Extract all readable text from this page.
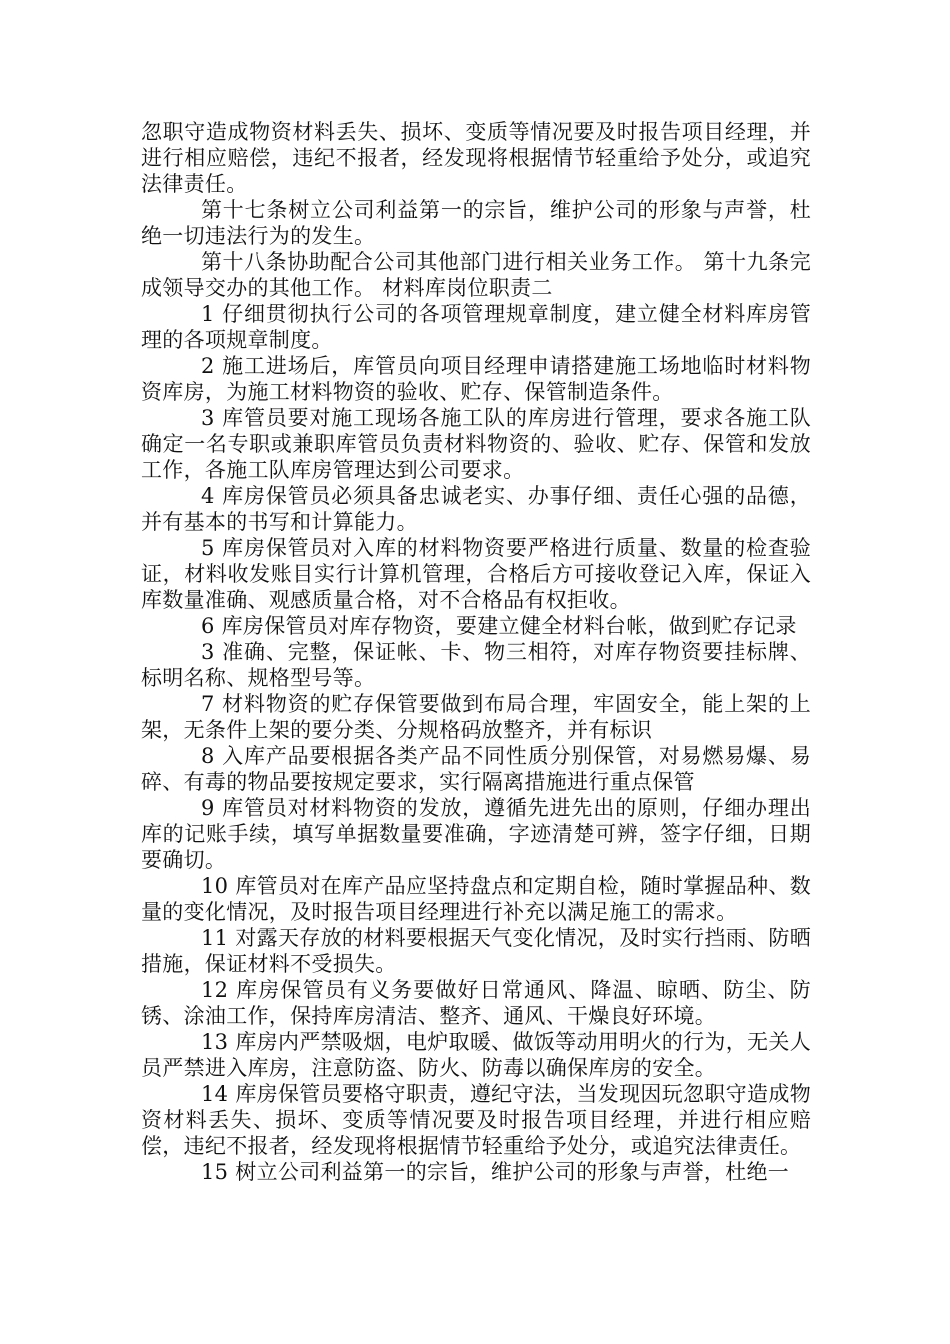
忽职守造成物资材料丢失、损坏、变质等情况要及时报告项目经理，并进行相应赔偿，违纪不报者，经发现将根据情节轻重给予处分，或追究法律责任。

第十七条树立公司利益第一的宗旨，维护公司的形象与声誉，杜绝一切违法行为的发生。

第十八条协助配合公司其他部门进行相关业务工作。 第十九条完成领导交办的其他工作。 材料库岗位职责二

1 仔细贯彻执行公司的各项管理规章制度，建立健全材料库房管理的各项规章制度。

2 施工进场后，库管员向项目经理申请搭建施工场地临时材料物资库房，为施工材料物资的验收、贮存、保管制造条件。

3 库管员要对施工现场各施工队的库房进行管理，要求各施工队确定一名专职或兼职库管员负责材料物资的、验收、贮存、保管和发放工作，各施工队库房管理达到公司要求。

4 库房保管员必须具备忠诚老实、办事仔细、责任心强的品德，并有基本的书写和计算能力。

5 库房保管员对入库的材料物资要严格进行质量、数量的检查验证，材料收发账目实行计算机管理，合格后方可接收登记入库，保证入库数量准确、观感质量合格，对不合格品有权拒收。

6 库房保管员对库存物资，要建立健全材料台帐，做到贮存记录

3 准确、完整，保证帐、卡、物三相符，对库存物资要挂标牌、标明名称、规格型号等。

7 材料物资的贮存保管要做到布局合理，牢固安全，能上架的上架，无条件上架的要分类、分规格码放整齐，并有标识

8 入库产品要根据各类产品不同性质分别保管，对易燃易爆、易碎、有毒的物品要按规定要求，实行隔离措施进行重点保管

9 库管员对材料物资的发放，遵循先进先出的原则，仔细办理出库的记账手续，填写单据数量要准确，字迹清楚可辨，签字仔细，日期要确切。

10 库管员对在库产品应坚持盘点和定期自检，随时掌握品种、数量的变化情况，及时报告项目经理进行补充以满足施工的需求。

11 对露天存放的材料要根据天气变化情况，及时实行挡雨、防晒措施，保证材料不受损失。

12 库房保管员有义务要做好日常通风、降温、晾晒、防尘、防锈、涂油工作，保持库房清洁、整齐、通风、干燥良好环境。

13 库房内严禁吸烟，电炉取暖、做饭等动用明火的行为，无关人员严禁进入库房，注意防盗、防火、防毒以确保库房的安全。

14 库房保管员要格守职责，遵纪守法，当发现因玩忽职守造成物资材料丢失、损坏、变质等情况要及时报告项目经理，并进行相应赔偿，违纪不报者，经发现将根据情节轻重给予处分，或追究法律责任。

15 树立公司利益第一的宗旨，维护公司的形象与声誉，杜绝一
